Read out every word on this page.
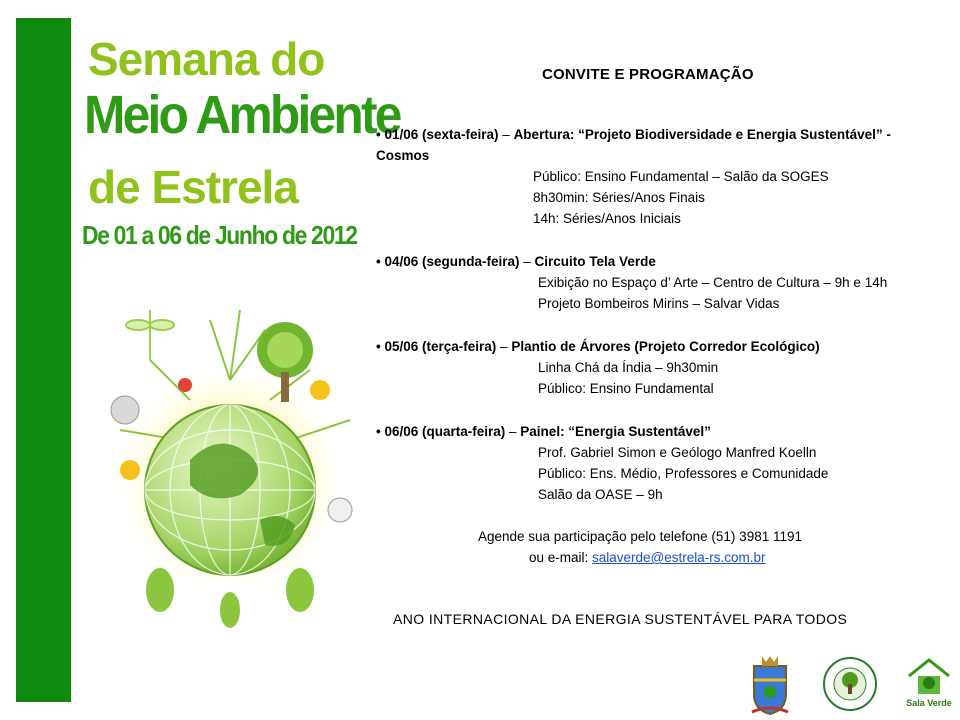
Semana do
Meio Ambiente
de Estrela
De 01 a 06 de Junho de 2012
CONVITE E PROGRAMAÇÃO
• 01/06 (sexta-feira) – Abertura: “Projeto Biodiversidade e Energia Sustentável” - Cosmos
Público: Ensino Fundamental – Salão da SOGES
8h30min: Séries/Anos Finais
14h: Séries/Anos Iniciais
• 04/06 (segunda-feira) – Circuito Tela Verde
Exibição no Espaço d’ Arte – Centro de Cultura – 9h e 14h
Projeto Bombeiros Mirins – Salvar Vidas
• 05/06 (terça-feira) – Plantio de Árvores (Projeto Corredor Ecológico)
Linha Chá da Índia – 9h30min
Público: Ensino Fundamental
• 06/06 (quarta-feira) – Painel: “Energia Sustentável”
Prof. Gabriel Simon e Geólogo Manfred Koelln
Público: Ens. Médio, Professores e Comunidade
Salão da OASE – 9h
Agende sua participação pelo telefone (51) 3981 1191
ou e-mail: salaverde@estrela-rs.com.br
ANO INTERNACIONAL DA ENERGIA SUSTENTÁVEL PARA TODOS
Sala Verde
